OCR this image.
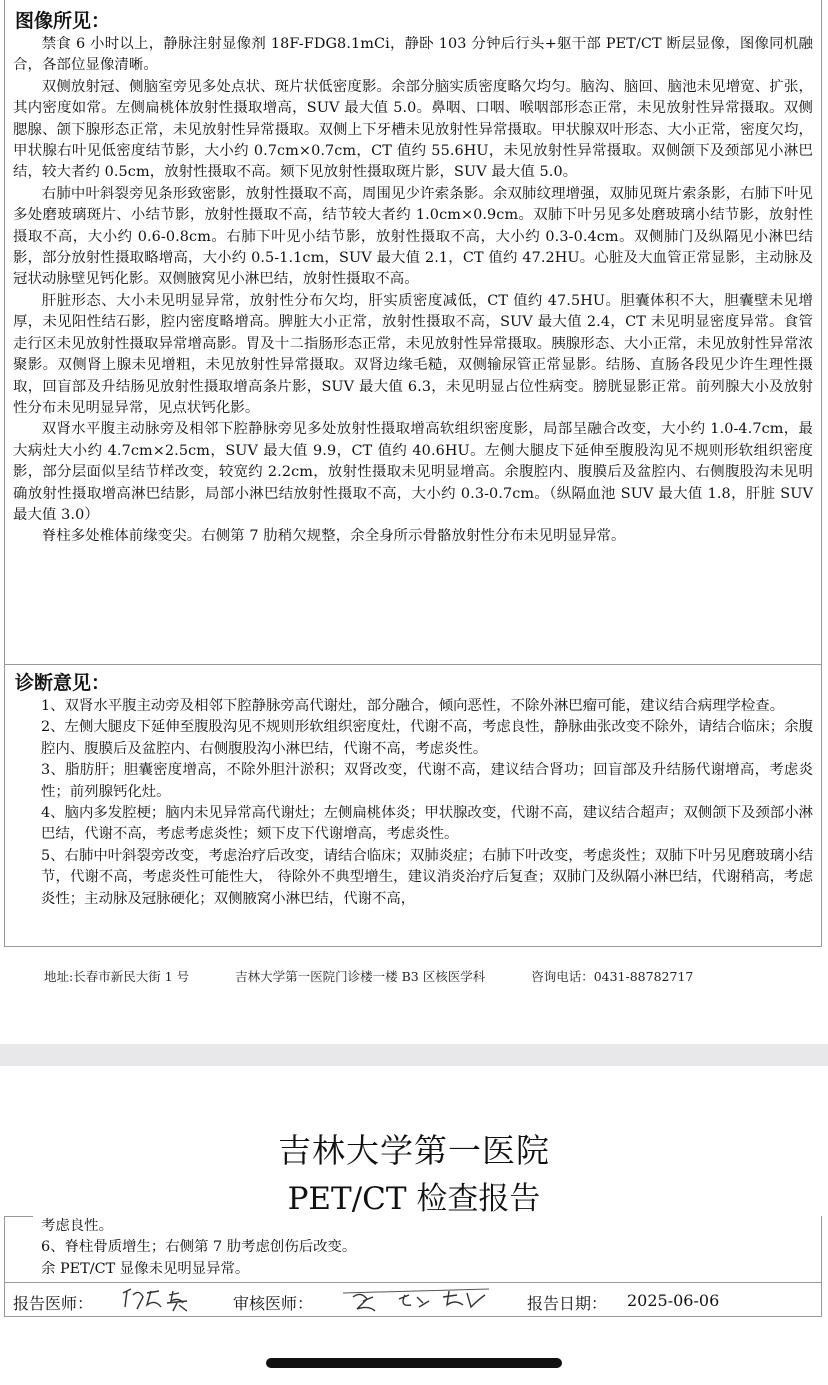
图像所见：

禁食 6 小时以上，静脉注射显像剂 18F-FDG8.1mCi，静卧 103 分钟后行头+躯干部 PET/CT 断层显像，图像同机融合，各部位显像清晰。

双侧放射冠、侧脑室旁见多处点状、斑片状低密度影。余部分脑实质密度略欠均匀。脑沟、脑回、脑池未见增宽、扩张，其内密度如常。左侧扁桃体放射性摄取增高，SUV 最大值 5.0。鼻咽、口咽、喉咽部形态正常，未见放射性异常摄取。双侧腮腺、颌下腺形态正常，未见放射性异常摄取。双侧上下牙槽未见放射性异常摄取。甲状腺双叶形态、大小正常，密度欠均，甲状腺右叶见低密度结节影，大小约 0.7cm×0.7cm，CT 值约 55.6HU，未见放射性异常摄取。双侧颌下及颈部见小淋巴结，较大者约 0.5cm，放射性摄取不高。颏下见放射性摄取斑片影，SUV 最大值 5.0。

右肺中叶斜裂旁见条形致密影，放射性摄取不高，周围见少许索条影。余双肺纹理增强，双肺见斑片索条影，右肺下叶见多处磨玻璃斑片、小结节影，放射性摄取不高，结节较大者约 1.0cm×0.9cm。双肺下叶另见多处磨玻璃小结节影，放射性摄取不高，大小约 0.6-0.8cm。右肺下叶见小结节影，放射性摄取不高，大小约 0.3-0.4cm。双侧肺门及纵隔见小淋巴结影，部分放射性摄取略增高，大小约 0.5-1.1cm，SUV 最大值 2.1，CT 值约 47.2HU。心脏及大血管正常显影，主动脉及冠状动脉壁见钙化影。双侧腋窝见小淋巴结，放射性摄取不高。

肝脏形态、大小未见明显异常，放射性分布欠均，肝实质密度减低，CT 值约 47.5HU。胆囊体积不大，胆囊壁未见增厚，未见阳性结石影，腔内密度略增高。脾脏大小正常，放射性摄取不高，SUV 最大值 2.4，CT 未见明显密度异常。食管走行区未见放射性摄取异常增高影。胃及十二指肠形态正常，未见放射性异常摄取。胰腺形态、大小正常，未见放射性异常浓聚影。双侧肾上腺未见增粗，未见放射性异常摄取。双肾边缘毛糙，双侧输尿管正常显影。结肠、直肠各段见少许生理性摄取，回盲部及升结肠见放射性摄取增高条片影，SUV 最大值 6.3，未见明显占位性病变。膀胱显影正常。前列腺大小及放射性分布未见明显异常，见点状钙化影。

双肾水平腹主动脉旁及相邻下腔静脉旁见多处放射性摄取增高软组织密度影，局部呈融合改变，大小约 1.0-4.7cm，最大病灶大小约 4.7cm×2.5cm，SUV 最大值 9.9，CT 值约 40.6HU。左侧大腿皮下延伸至腹股沟见不规则形软组织密度影，部分层面似呈结节样改变，较宽约 2.2cm，放射性摄取未见明显增高。余腹腔内、腹膜后及盆腔内、右侧腹股沟未见明确放射性摄取增高淋巴结影，局部小淋巴结放射性摄取不高，大小约 0.3-0.7cm。（纵隔血池 SUV 最大值 1.8，肝脏 SUV 最大值 3.0）

脊柱多处椎体前缘变尖。右侧第 7 肋稍欠规整，余全身所示骨骼放射性分布未见明显异常。

诊断意见：

1、双肾水平腹主动旁及相邻下腔静脉旁高代谢灶，部分融合，倾向恶性，不除外淋巴瘤可能，建议结合病理学检查。

2、左侧大腿皮下延伸至腹股沟见不规则形软组织密度灶，代谢不高，考虑良性，静脉曲张改变不除外，请结合临床；余腹腔内、腹膜后及盆腔内、右侧腹股沟小淋巴结，代谢不高，考虑炎性。

3、脂肪肝；胆囊密度增高，不除外胆汁淤积；双肾改变，代谢不高，建议结合肾功；回盲部及升结肠代谢增高，考虑炎性；前列腺钙化灶。

4、脑内多发腔梗；脑内未见异常高代谢灶；左侧扁桃体炎；甲状腺改变，代谢不高，建议结合超声；双侧颌下及颈部小淋巴结，代谢不高，考虑考虑炎性；颏下皮下代谢增高，考虑炎性。

5、右肺中叶斜裂旁改变，考虑治疗后改变，请结合临床；双肺炎症；右肺下叶改变，考虑炎性；双肺下叶另见磨玻璃小结节，代谢不高，考虑炎性可能性大， 待除外不典型增生，建议消炎治疗后复查；双肺门及纵隔小淋巴结，代谢稍高，考虑炎性；主动脉及冠脉硬化；双侧腋窝小淋巴结，代谢不高，

地址:长春市新民大街 1 号	吉林大学第一医院门诊楼一楼 B3 区核医学科	咨询电话：0431-88782717
吉林大学第一医院
PET/CT 检查报告

考虑良性。

6、脊柱骨质增生；右侧第 7 肋考虑创伤后改变。

余 PET/CT 显像未见明显异常。

报告医师：	审核医师：	报告日期： 2025-06-06
